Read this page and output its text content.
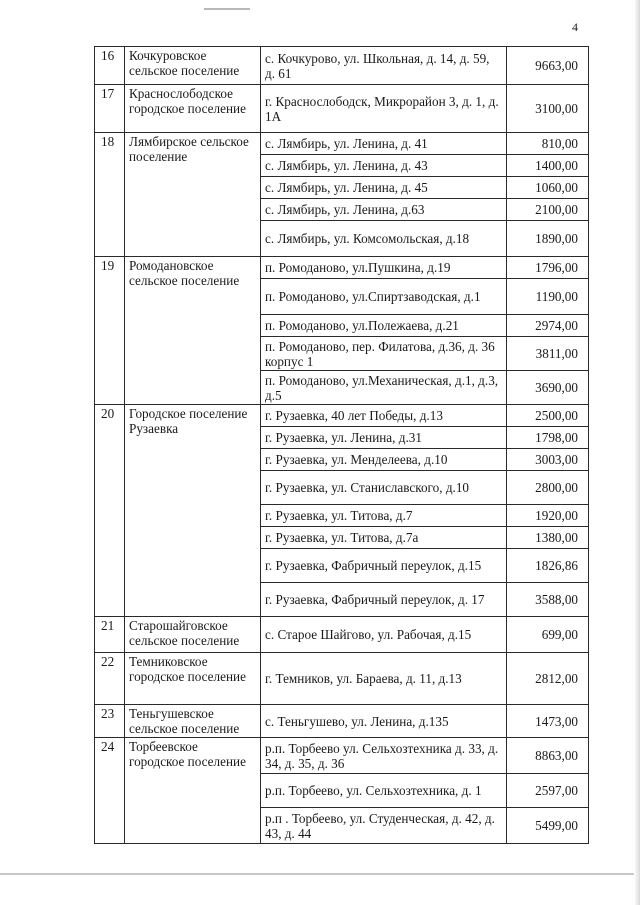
4
16	Кочкуровское сельское поселение	с. Кочкурово, ул. Школьная, д. 14, д. 59, д. 61	9663,00
17	Краснослободское городское поселение	г. Краснослободск, Микрорайон 3, д. 1, д. 1А	3100,00
18	Лямбирское сельское поселение	с. Лямбирь, ул. Ленина, д. 41	810,00
		с. Лямбирь, ул. Ленина, д. 43	1400,00
		с. Лямбирь, ул. Ленина, д. 45	1060,00
		с. Лямбирь, ул. Ленина, д.63	2100,00
		с. Лямбирь, ул. Комсомольская, д.18	1890,00
19	Ромодановское сельское поселение	п. Ромоданово, ул.Пушкина, д.19	1796,00
		п. Ромоданово, ул.Спиртзаводская, д.1	1190,00
		п. Ромоданово, ул.Полежаева, д.21	2974,00
		п. Ромоданово, пер. Филатова, д.36, д. 36 корпус 1	3811,00
		п. Ромоданово, ул.Механическая, д.1, д.3, д.5	3690,00
20	Городское поселение Рузаевка	г. Рузаевка, 40 лет Победы, д.13	2500,00
		г. Рузаевка, ул. Ленина, д.31	1798,00
		г. Рузаевка, ул. Менделеева, д.10	3003,00
		г. Рузаевка, ул. Станиславского, д.10	2800,00
		г. Рузаевка, ул. Титова, д.7	1920,00
		г. Рузаевка, ул. Титова, д.7а	1380,00
		г. Рузаевка, Фабричный переулок, д.15	1826,86
		г. Рузаевка, Фабричный переулок, д. 17	3588,00
21	Старошайговское сельское поселение	с. Старое Шайгово, ул. Рабочая, д.15	699,00
22	Темниковское городское поселение	г. Темников, ул. Бараева, д. 11, д.13	2812,00
23	Теньгушевское сельское поселение	с. Теньгушево, ул. Ленина, д.135	1473,00
24	Торбеевское городское поселение	р.п. Торбеево ул. Сельхозтехника д. 33, д. 34, д. 35, д. 36	8863,00
		р.п. Торбеево, ул. Сельхозтехника, д. 1	2597,00
		р.п . Торбеево, ул. Студенческая, д. 42, д. 43, д. 44	5499,00
